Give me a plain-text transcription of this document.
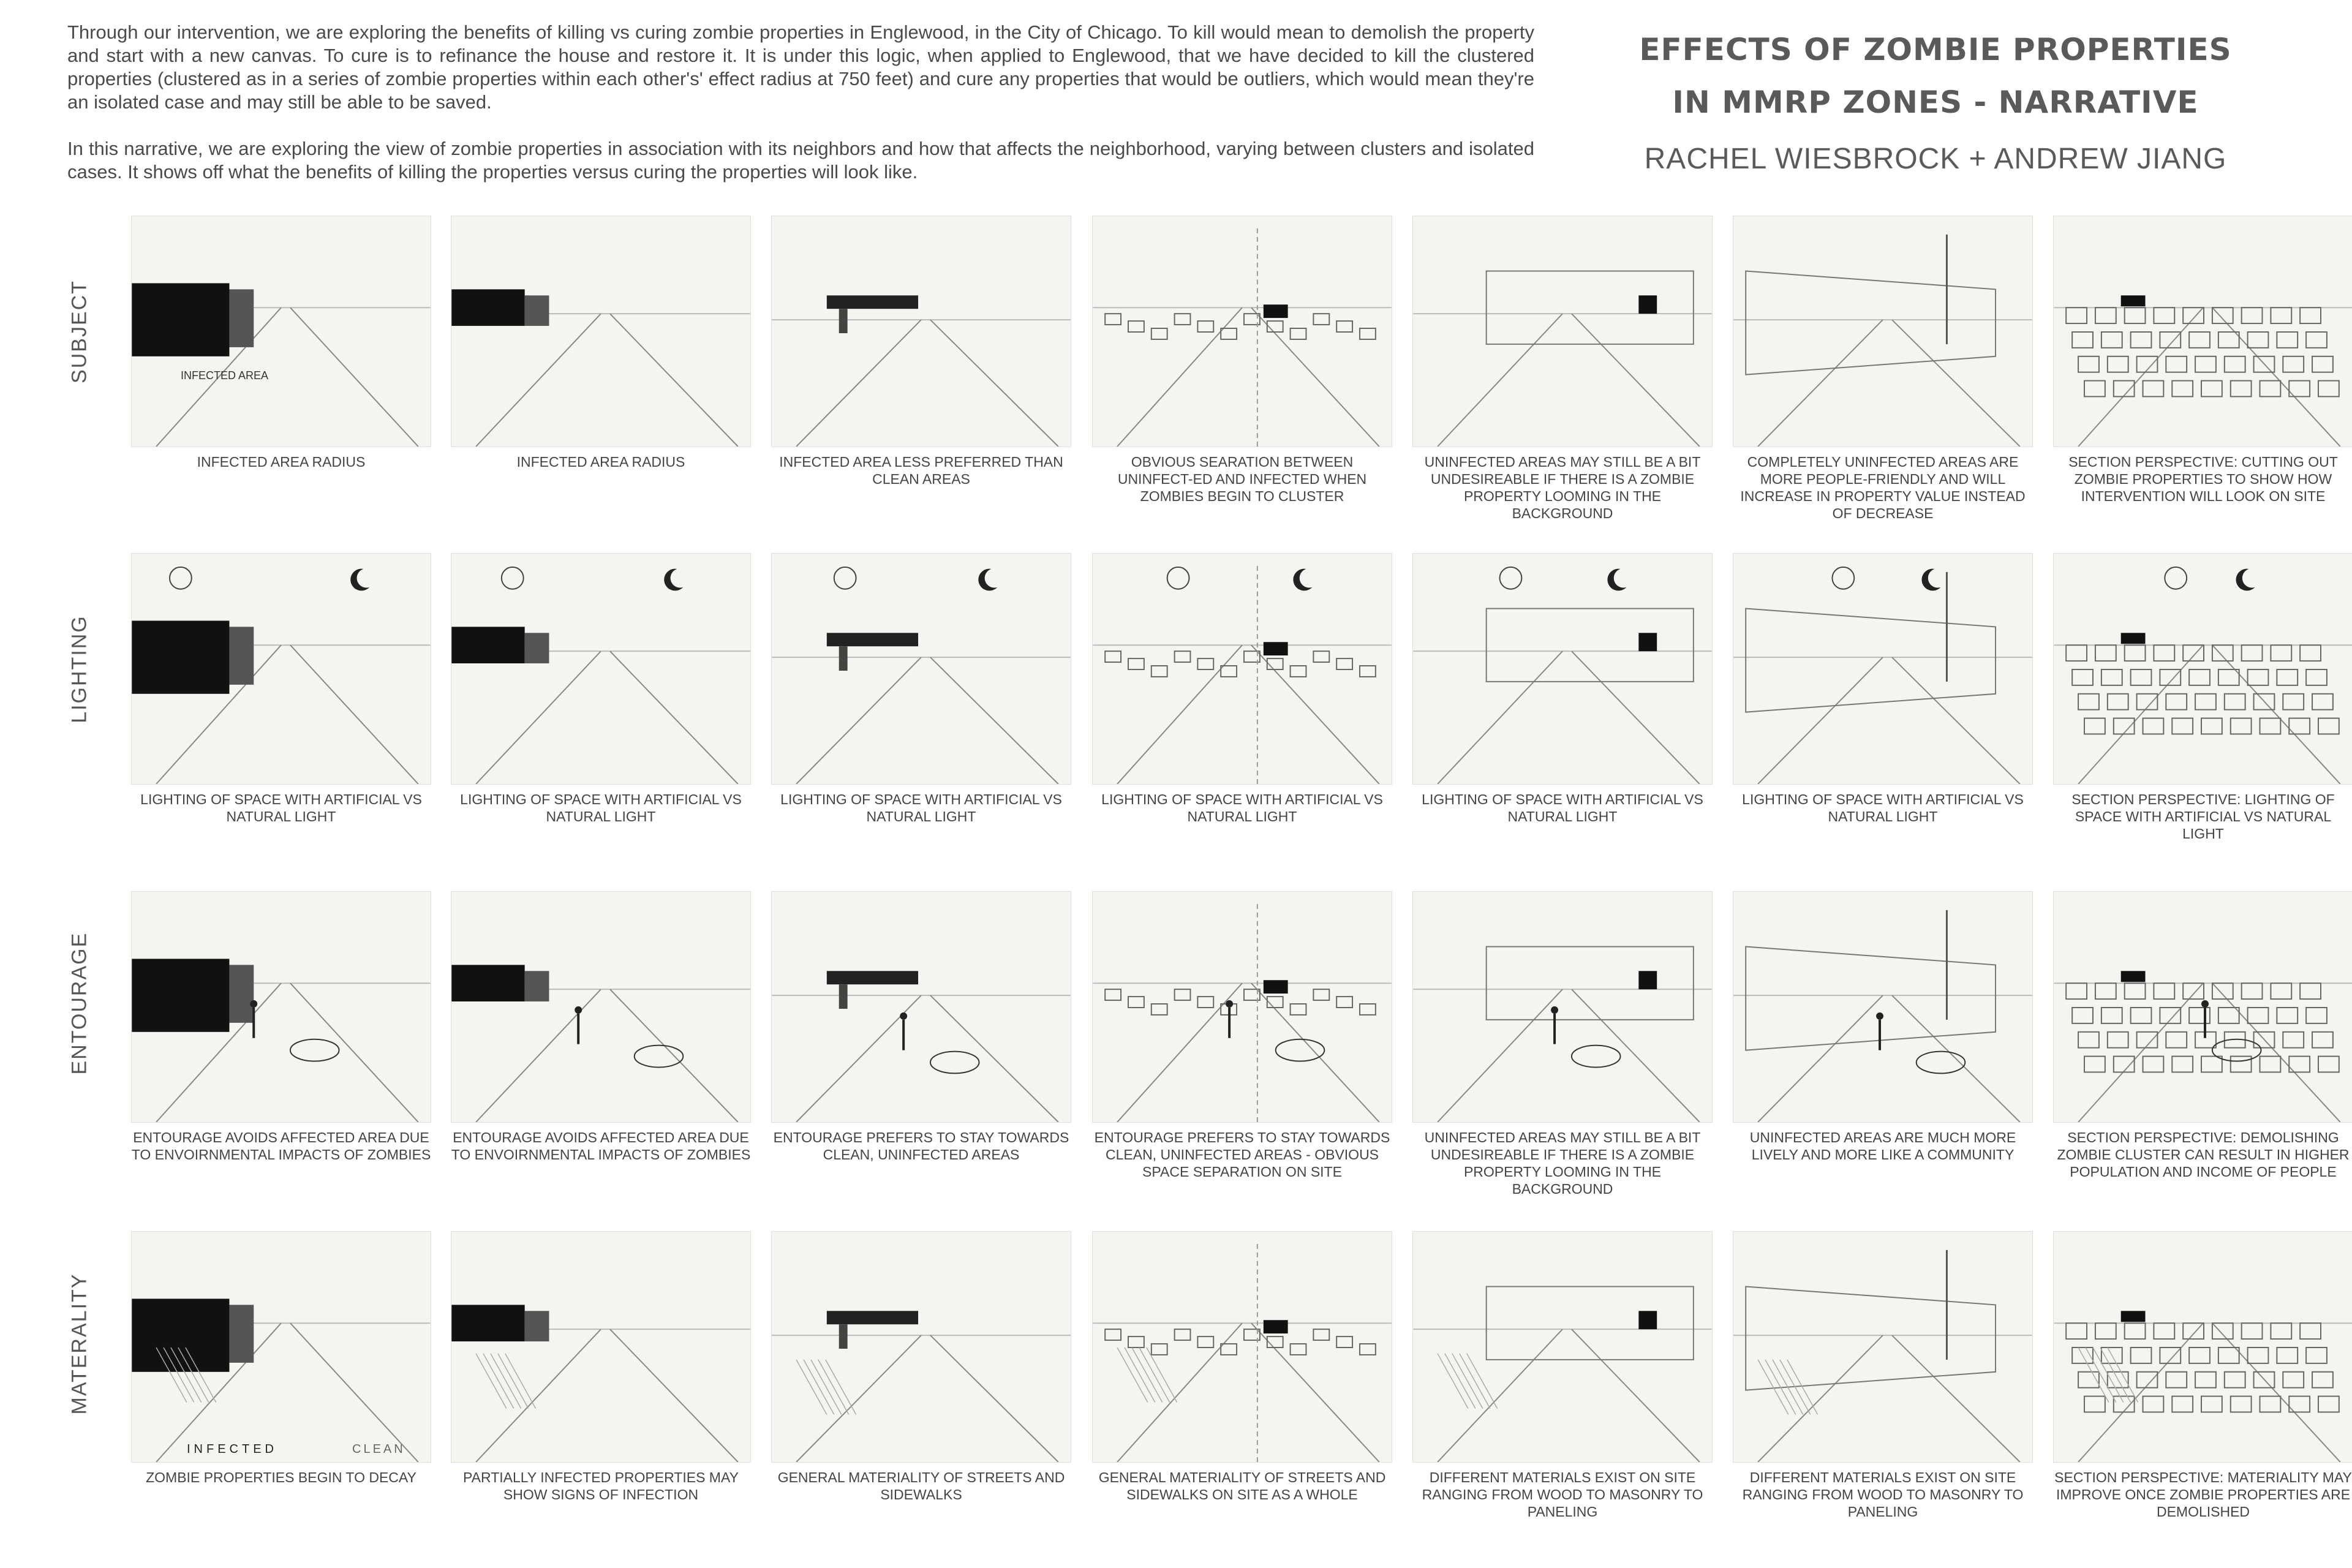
Through our intervention, we are exploring the benefits of killing vs curing zombie properties in Englewood, in the City of Chicago. To kill would mean to demolish the property and start with a new canvas. To cure is to refinance the house and restore it. It is under this logic, when applied to Englewood, that we have decided to kill the clustered properties (clustered as in a series of zombie properties within each other's' effect radius at 750 feet) and cure any properties that would be outliers, which would mean they're an isolated case and may still be able to be saved.

In this narrative, we are exploring the view of zombie properties in association with its neighbors and how that affects the neighborhood, varying between clusters and isolated cases. It shows off what the benefits of killing the properties versus curing the properties will look like.

EFFECTS OF ZOMBIE PROPERTIES
IN MMRP ZONES - NARRATIVE
RACHEL WIESBROCK + ANDREW JIANG
SUBJECT	INFECTED AREA
INFECTED AREA RADIUS	INFECTED AREA RADIUS	INFECTED AREA LESS PREFERRED THAN CLEAN AREAS
OBVIOUS SEARATION BETWEEN UNINFECT-ED AND INFECTED WHEN ZOMBIES BEGIN TO CLUSTER
UNINFECTED AREAS MAY STILL BE A BIT UNDESIREABLE IF THERE IS A ZOMBIE PROPERTY LOOMING IN THE BACKGROUND
COMPLETELY UNINFECTED AREAS ARE MORE PEOPLE-FRIENDLY AND WILL INCREASE IN PROPERTY VALUE INSTEAD OF DECREASE
SECTION PERSPECTIVE: CUTTING OUT ZOMBIE PROPERTIES TO SHOW HOW INTERVENTION WILL LOOK ON SITE
LIGHTING
LIGHTING OF SPACE WITH ARTIFICIAL VS NATURAL LIGHT
LIGHTING OF SPACE WITH ARTIFICIAL VS NATURAL LIGHT
LIGHTING OF SPACE WITH ARTIFICIAL VS NATURAL LIGHT
LIGHTING OF SPACE WITH ARTIFICIAL VS NATURAL LIGHT
LIGHTING OF SPACE WITH ARTIFICIAL VS NATURAL LIGHT
LIGHTING OF SPACE WITH ARTIFICIAL VS NATURAL LIGHT
SECTION PERSPECTIVE: LIGHTING OF SPACE WITH ARTIFICIAL VS NATURAL LIGHT
ENTOURAGE
ENTOURAGE AVOIDS AFFECTED AREA DUE TO ENVOIRNMENTAL IMPACTS OF ZOMBIES
ENTOURAGE AVOIDS AFFECTED AREA DUE TO ENVOIRNMENTAL IMPACTS OF ZOMBIES
ENTOURAGE PREFERS TO STAY TOWARDS CLEAN, UNINFECTED AREAS
ENTOURAGE PREFERS TO STAY TOWARDS CLEAN, UNINFECTED AREAS - OBVIOUS SPACE SEPARATION ON SITE
UNINFECTED AREAS MAY STILL BE A BIT UNDESIREABLE IF THERE IS A ZOMBIE PROPERTY LOOMING IN THE BACKGROUND
UNINFECTED AREAS ARE MUCH MORE LIVELY AND MORE LIKE A COMMUNITY
SECTION PERSPECTIVE: DEMOLISHING ZOMBIE CLUSTER CAN RESULT IN HIGHER POPULATION AND INCOME OF PEOPLE
MATERALITY
INFECTED	CLEAN
ZOMBIE PROPERTIES BEGIN TO DECAY	PARTIALLY INFECTED PROPERTIES MAY SHOW SIGNS OF INFECTION
GENERAL MATERIALITY OF STREETS AND SIDEWALKS
GENERAL MATERIALITY OF STREETS AND SIDEWALKS ON SITE AS A WHOLE
DIFFERENT MATERIALS EXIST ON SITE RANGING FROM WOOD TO MASONRY TO PANELING
DIFFERENT MATERIALS EXIST ON SITE RANGING FROM WOOD TO MASONRY TO PANELING
SECTION PERSPECTIVE: MATERIALITY MAY IMPROVE ONCE ZOMBIE PROPERTIES ARE DEMOLISHED
